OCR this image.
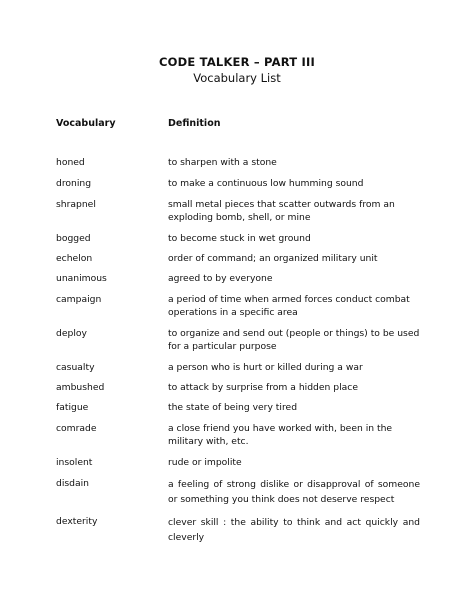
CODE TALKER – PART III
Vocabulary List
Vocabulary	Definition
honed	to sharpen with a stone
droning	to make a continuous low humming sound
shrapnel	small metal pieces that scatter outwards from an exploding bomb, shell, or mine
bogged	to become stuck in wet ground
echelon	order of command; an organized military unit
unanimous	agreed to by everyone
campaign	a period of time when armed forces conduct combat operations in a specific area
deploy	to organize and send out (people or things) to be used for a particular purpose
casualty	a person who is hurt or killed during a war
ambushed	to attack by surprise from a hidden place
fatigue	the state of being very tired
comrade	a close friend you have worked with, been in the military with, etc.
insolent	rude or impolite
disdain	a feeling of strong dislike or disapproval of someone or something you think does not deserve respect
dexterity	clever skill : the ability to think and act quickly and cleverly
